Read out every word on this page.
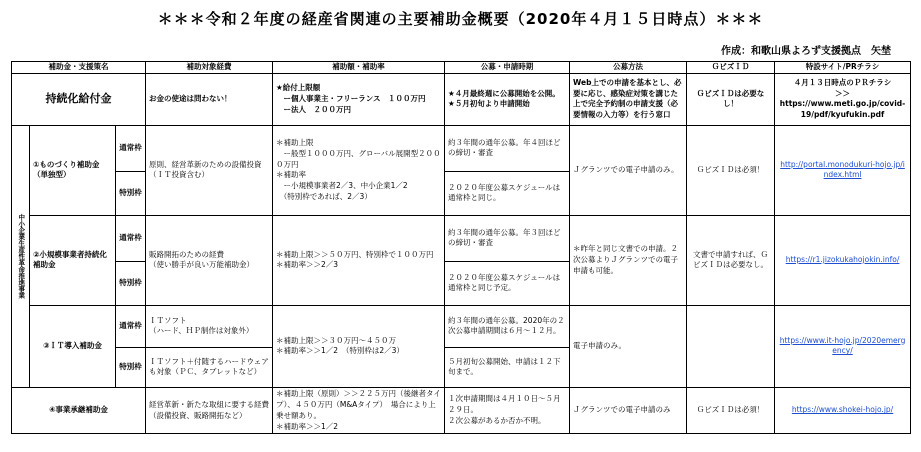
＊＊＊令和２年度の経産省関連の主要補助金概要（2020年４月１５日時点）＊＊＊
作成：和歌山県よろず支援拠点　矢埜
補助金・支援策名			補助対象経費	補助額・補助率	公募・申請時期	公募方法	ＧビズＩＤ	特設サイト/PRチラシ
持続化給付金			お金の使途は問わない！	★給付上限額
　ー個人事業主・フリーランス　１００万円
　ー法人　２００万円	★４月最終週に公募開始を公開。
★５月初旬より申請開始	Web上での申請を基本とし、必要に応じ、感染症対策を講じた上で完全予約制の申請支援（必要情報の入力等）を行う窓口	ＧビズＩＤは必要なし！	４月１３日時点のＰＲチラシ
＞＞
https://www.meti.go.jp/covid-19/pdf/kyufukin.pdf
中小企業生産性革命推進事業	①ものづくり補助金（単独型）	通常枠	原則、経営革新のための設備投資
（ＩＴ投資含む）	＊補助上限
　ー般型１０００万円、グローバル展開型２０００万円
＊補助率
　ー小規模事業者2／3、中小企業1／2
　（特別枠であれば、2／3）	約３年間の通年公募。年４回ほどの締切・審査	Ｊグランツでの電子申請のみ。	ＧビズＩＤは必須！	http://portal.monodukuri-hojo.jp/index.html
		特別枠			２０２０年度公募スケジュールは通常枠と同じ。			
	②小規模事業者持続化補助金	通常枠	販路開拓のための経費
（使い勝手が良い万能補助金）	＊補助上限＞＞５０万円、特別枠で１００万円
＊補助率＞＞2／3	約３年間の通年公募。年３回ほどの締切・審査	＊昨年と同じ文書での申請。２次公募よりＪグランツでの電子申請も可能。	文書で申請すれば、ＧビズＩＤは必要なし。	https://r1.jizokukahojokin.info/
		特別枠			２０２０年度公募スケジュールは通常枠と同じ予定。			
	③ＩＴ導入補助金	通常枠	ＩＴソフト
（ハード、ＨＰ制作は対象外）	＊補助上限＞＞３０万円～４５０万
＊補助率＞＞1／2　（特別枠は2／3）	約３年間の通年公募。2020年の２次公募申請期間は６月～１２月。	電子申請のみ。		https://www.it-hojo.jp/2020emergency/
		特別枠	ＩＴソフト＋付随するハードウェアも対象（ＰＣ、タブレットなど）		５月初旬公募開始、申請は１２下旬まで。			
④事業承継補助金			経営革新・新たな取組に要する経費
（設備投資、販路開拓など）	＊補助上限（原則）＞＞２２５万円（後継者タイプ）、４５０万円（M&Aタイプ）　場合により上乗せ額あり。
＊補助率＞＞1／2	１次申請期間は４月１０日～５月２９日。
２次公募があるか否か不明。	Ｊグランツでの電子申請のみ	ＧビズＩＤは必須！	https://www.shokei-hojo.jp/
